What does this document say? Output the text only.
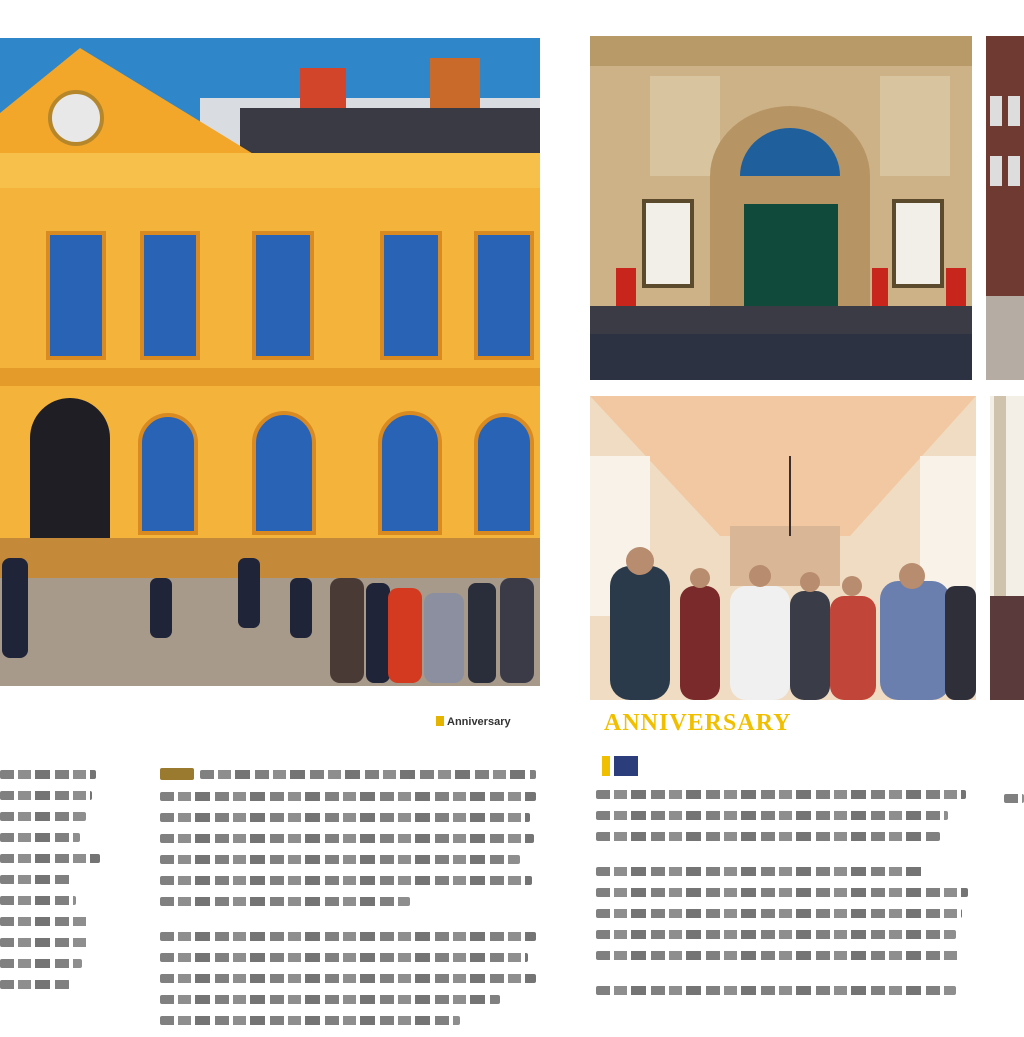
Anniversary	ANNIVERSARY
